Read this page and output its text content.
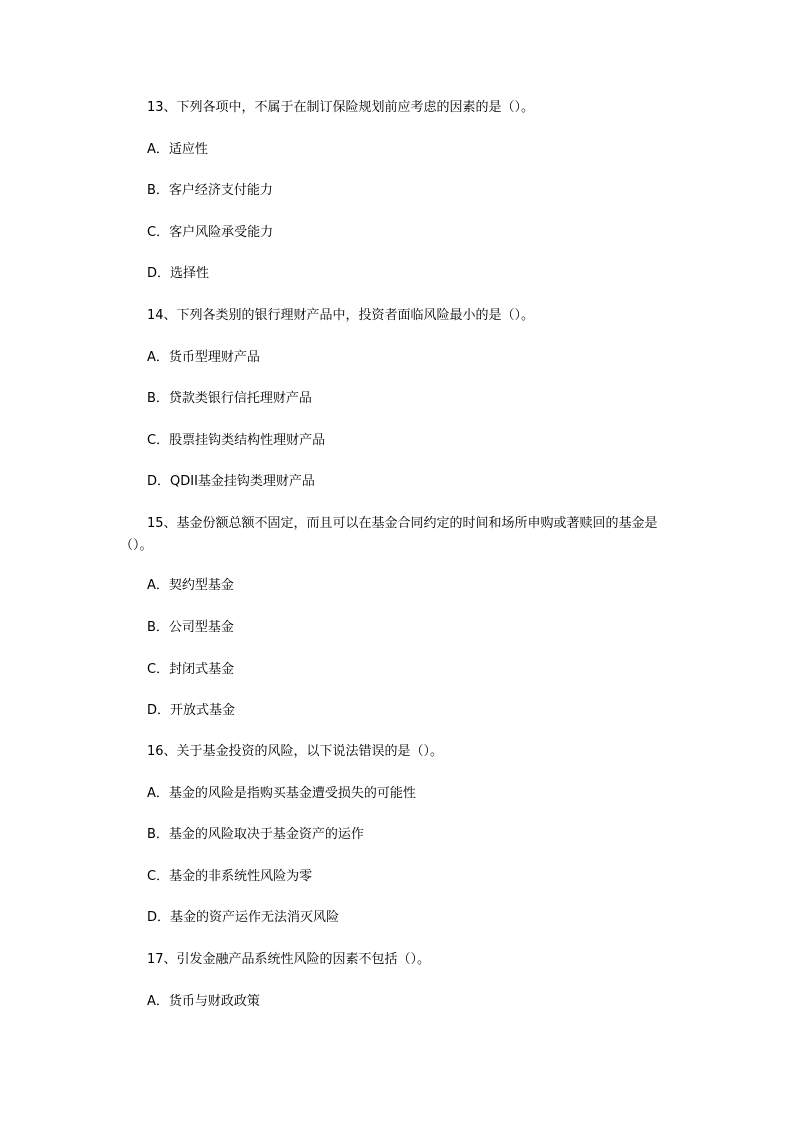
13、下列各项中，不属于在制订保险规划前应考虑的因素的是（）。
A．适应性
B．客户经济支付能力
C．客户风险承受能力
D．选择性
14、下列各类别的银行理财产品中，投资者面临风险最小的是（）。
A．货币型理财产品
B．贷款类银行信托理财产品
C．股票挂钩类结构性理财产品
D．QDII基金挂钩类理财产品
15、基金份额总额不固定，而且可以在基金合同约定的时间和场所申购或著赎回的基金是（）。
A．契约型基金
B．公司型基金
C．封闭式基金
D．开放式基金
16、关于基金投资的风险，以下说法错误的是（）。
A．基金的风险是指购买基金遭受损失的可能性
B．基金的风险取决于基金资产的运作
C．基金的非系统性风险为零
D．基金的资产运作无法消灭风险
17、引发金融产品系统性风险的因素不包括（）。
A．货币与财政政策
